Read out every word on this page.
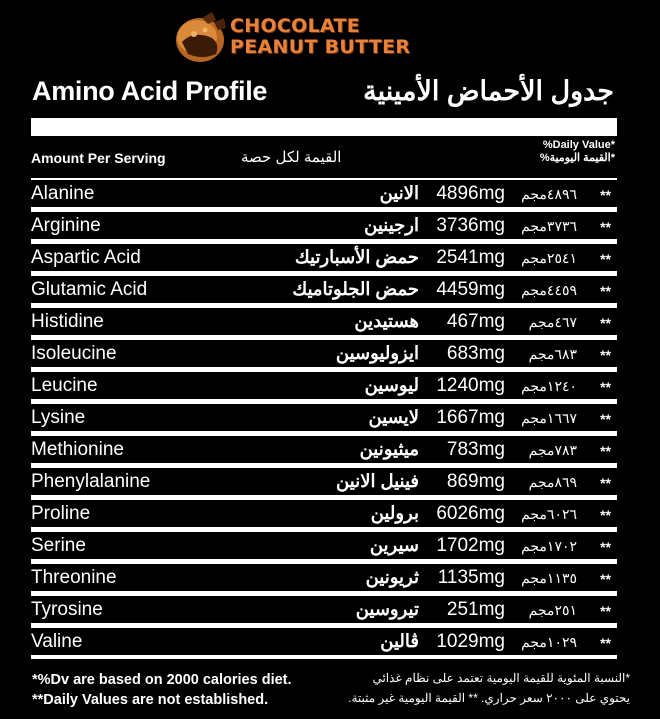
CHOCOLATE
PEANUT BUTTER
Amino Acid Profile	جدول الأحماض الأمينية
Amount Per Serving	القيمة لكل حصة
%Daily Value*
%القيمة اليومية*
Alanine	الانين 4896mg ٤٨٩٦مجم **
Arginine	ارجينين 3736mg ٣٧٣٦مجم **
Aspartic Acid	حمض الأسبارتيك 2541mg ٢٥٤١مجم **
Glutamic Acid	حمض الجلوتاميك 4459mg ٤٤٥٩مجم **
Histidine	هستيدين 467mg ٤٦٧مجم **
Isoleucine	ايزوليوسين 683mg ٦٨٣مجم **
Leucine	ليوسين 1240mg ١٢٤٠مجم **
Lysine	لايسين 1667mg ١٦٦٧مجم **
Methionine	ميثيونين 783mg ٧٨٣مجم **
Phenylalanine	فينيل الانين 869mg ٨٦٩مجم **
Proline	برولين 6026mg ٦٠٢٦مجم **
Serine	سيرين 1702mg ١٧٠٢مجم **
Threonine	ثريونين 1135mg ١١٣٥مجم **
Tyrosine	تيروسين 251mg ٢٥١مجم **
Valine	ڤالين 1029mg ١٠٢٩مجم **
*%Dv are based on 2000 calories diet.
**Daily Values are not established.
*النسبة المئوية للقيمة اليومية تعتمد على نظام غذائي
يحتوي على ٢٠٠٠ سعر حراري. ** القيمة اليومية غير مثبتة.
